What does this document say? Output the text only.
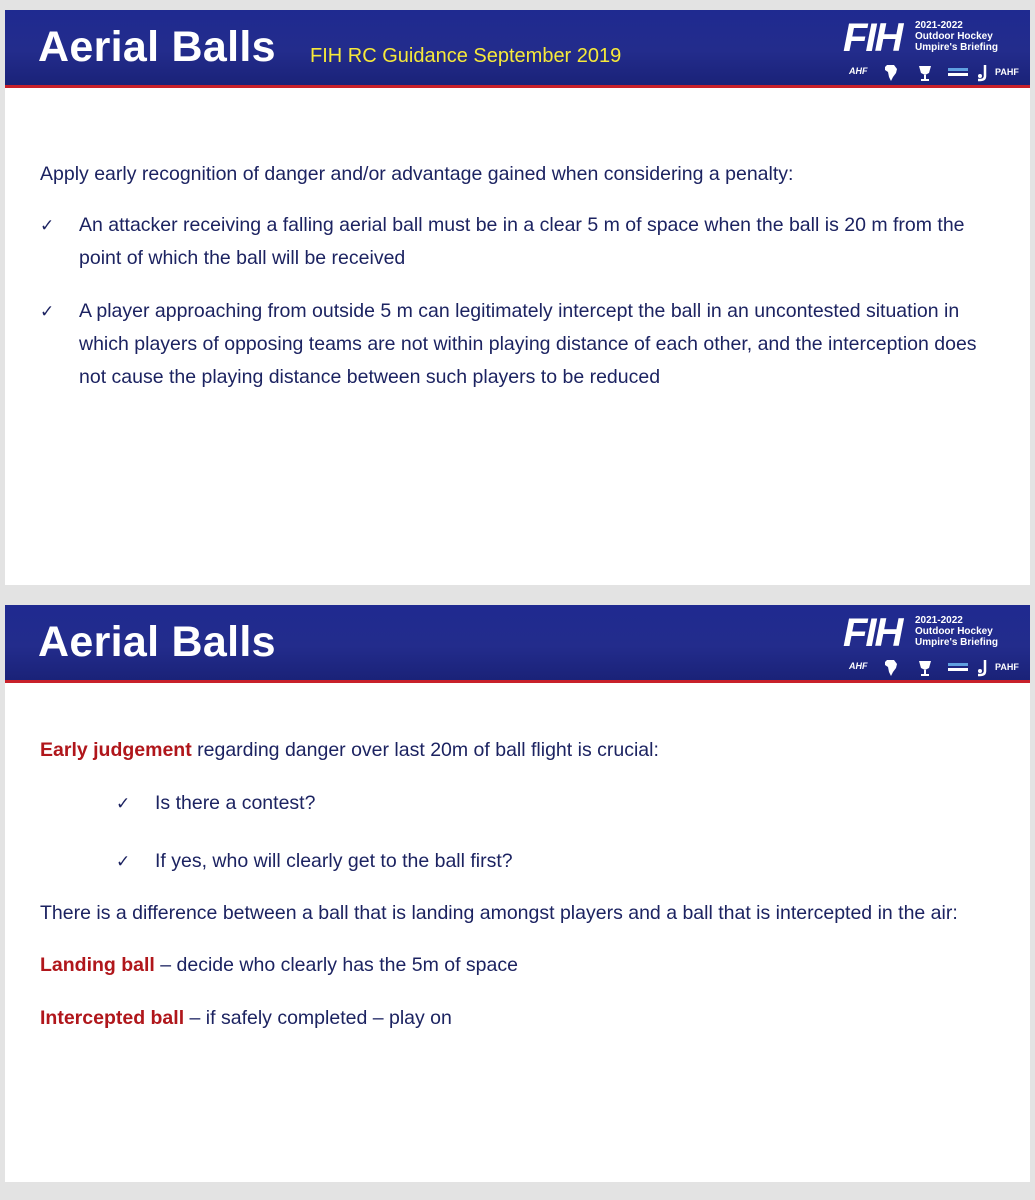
Aerial Balls FIH RC Guidance September 2019	FIH 2021-2022
Outdoor Hockey
Umpire's Briefing
AHF	PAHF
Apply early recognition of danger and/or advantage gained when considering a penalty:
✓ An attacker receiving a falling aerial ball must be in a clear 5 m of space when the ball is 20 m from the point of which the ball will be received
✓ A player approaching from outside 5 m can legitimately intercept the ball in an uncontested situation in which players of opposing teams are not within playing distance of each other, and the interception does not cause the playing distance between such players to be reduced
Aerial Balls	FIH 2021-2022
Outdoor Hockey
Umpire's Briefing
AHF	PAHF
Early judgement regarding danger over last 20m of ball flight is crucial:
✓ Is there a contest?
✓ If yes, who will clearly get to the ball first?
There is a difference between a ball that is landing amongst players and a ball that is intercepted in the air:
Landing ball – decide who clearly has the 5m of space
Intercepted ball – if safely completed – play on
